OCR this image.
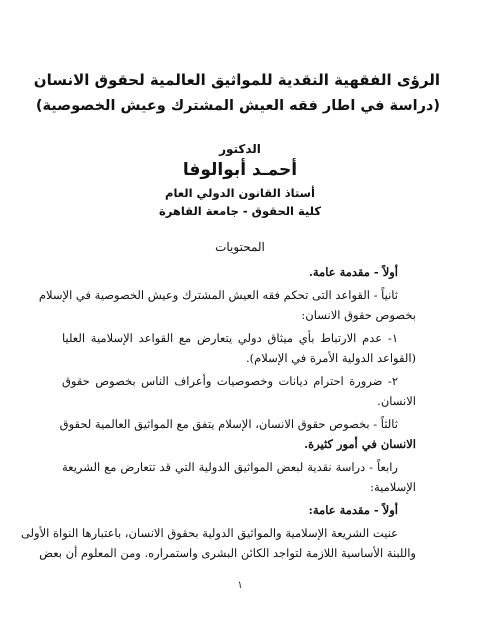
الرؤى الفقهية النقدية للمواثيق العالمية لحقوق الانسان
(دراسة في اطار فقه العيش المشترك وعيش الخصوصية)
الدكتور
أحمـد أبوالوفا
أستاذ القانون الدولي العام
كلية الحقوق - جامعة القاهرة
المحتويات
أولاً - مقدمة عامة.
ثانياً - القواعد التى تحكم فقه العيش المشترك وعيش الخصوصية في الإسلام
بخصوص حقوق الانسان:
١- عدم الارتباط بأي ميثاق دولي يتعارض مع القواعد الإسلامية العليا
(القواعد الدولية الأمرة في الإسلام).
٢- ضرورة احترام ديانات وخصوصيات وأعراف الناس بخصوص حقوق
الانسان.
ثالثاً - بخصوص حقوق الانسان، الإسلام يتفق مع المواثيق العالمية لحقوق
الانسان في أمور كثيرة.
رابعاً - دراسة نقدية لبعض المواثيق الدولية التي قد تتعارض مع الشريعة
الإسلامية:
أولاً - مقدمة عامة:
عنيت الشريعة الإسلامية والمواثيق الدولية بحقوق الانسان، باعتبارها النواة الأولى
واللبنة الأساسية اللازمة لتواجد الكائن البشرى واستمراره. ومن المعلوم أن بعض
١
